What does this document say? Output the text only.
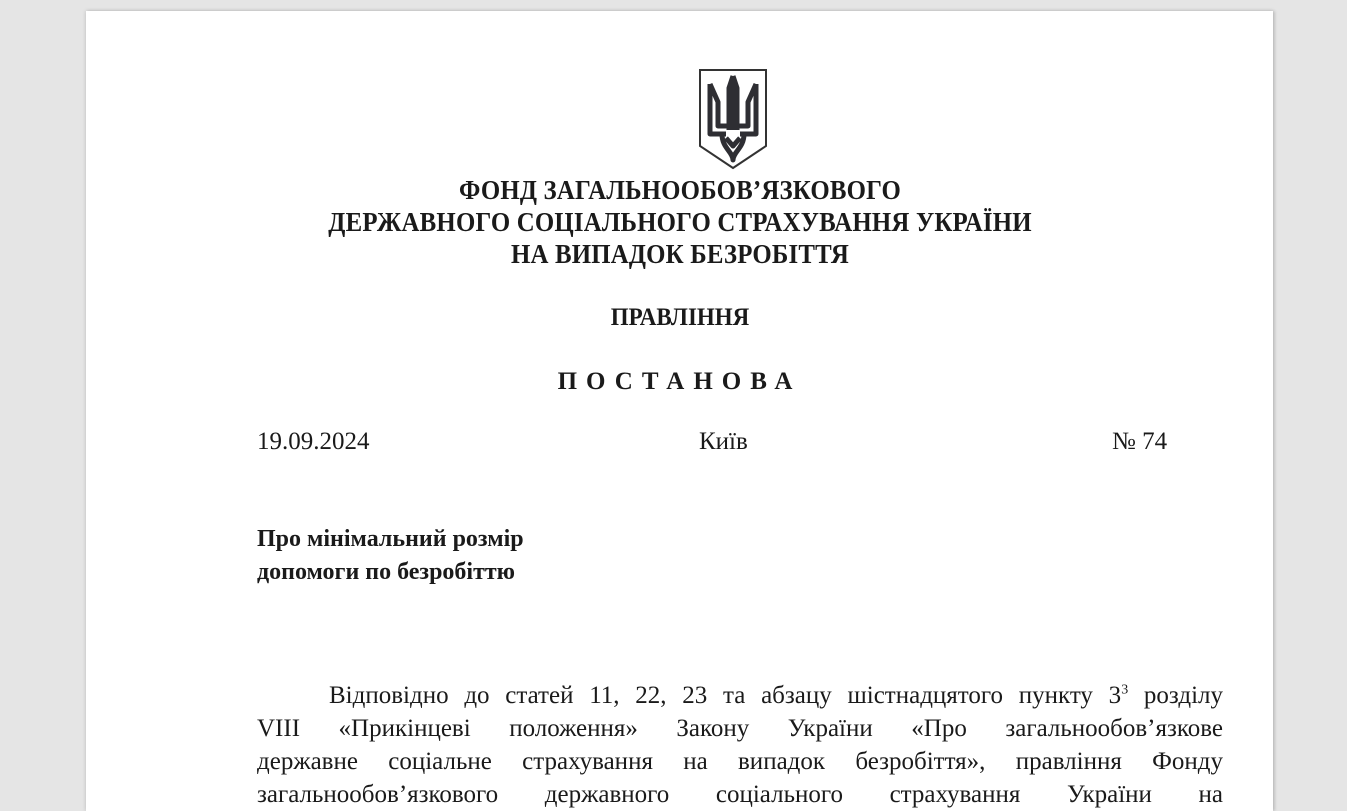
ФОНД ЗАГАЛЬНООБОВ’ЯЗКОВОГО
ДЕРЖАВНОГО СОЦІАЛЬНОГО СТРАХУВАННЯ УКРАЇНИ
НА ВИПАДОК БЕЗРОБІТТЯ
ПРАВЛІННЯ
ПОСТАНОВА
19.09.2024	Київ	№ 74
Про мінімальний розмір
допомоги по безробіттю
Відповідно до статей 11, 22, 23 та абзацу шістнадцятого пункту $3^3$ розділу
VIII «Прикінцеві положення» Закону України «Про загальнообов’язкове
державне соціальне страхування на випадок безробіття», правління Фонду
загальнообов’язкового державного соціального страхування України на
